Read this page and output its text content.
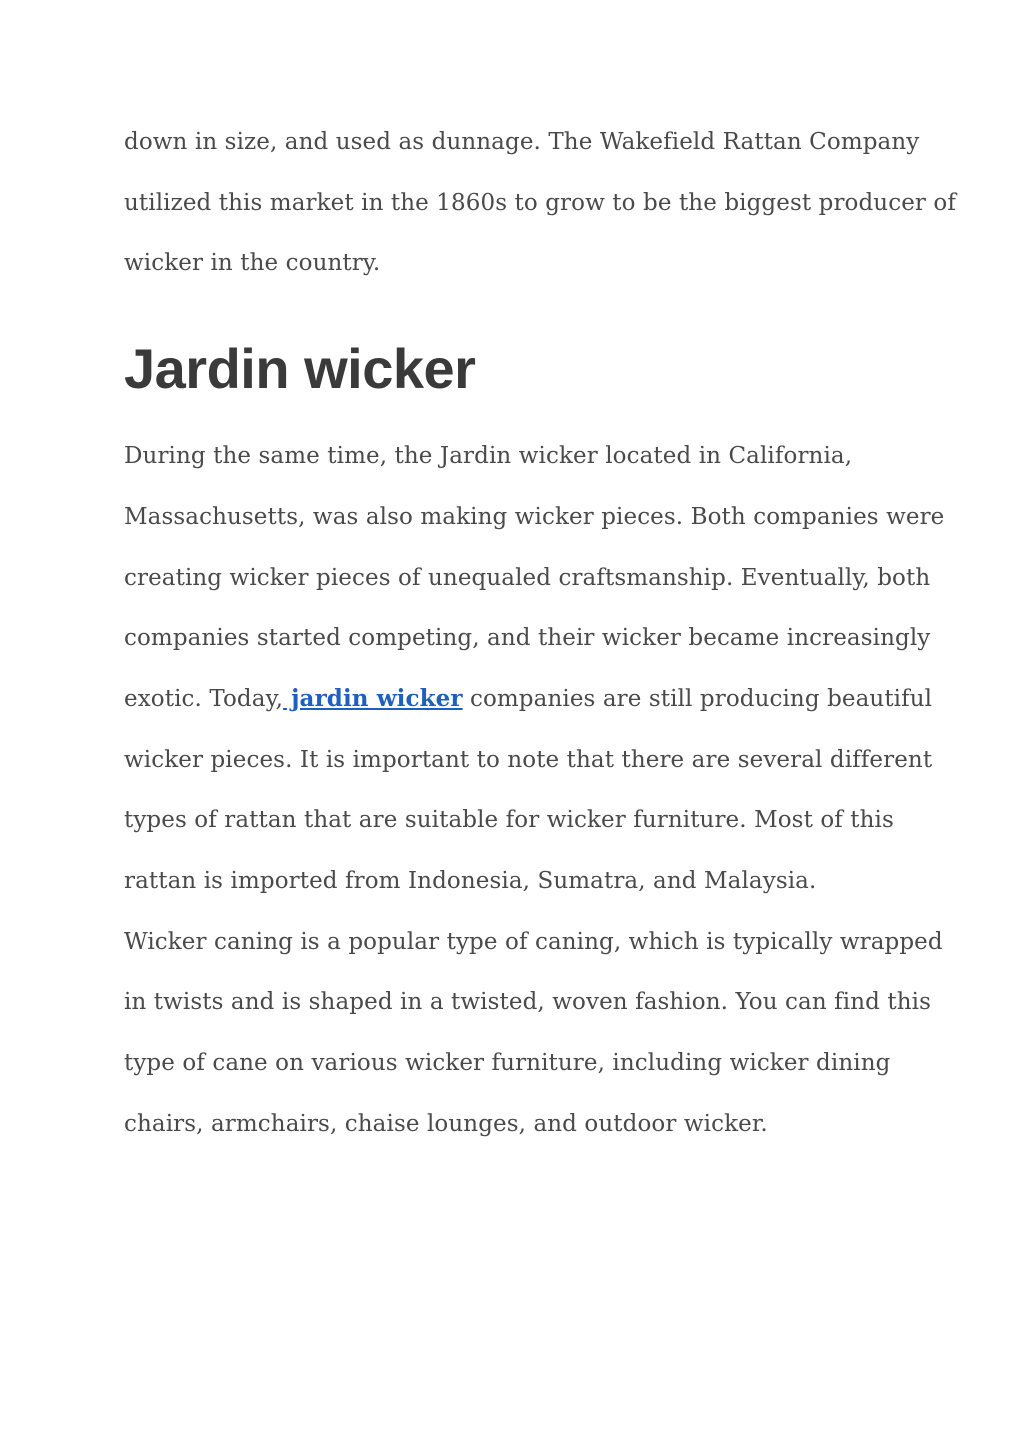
down in size, and used as dunnage. The Wakefield Rattan Company
utilized this market in the 1860s to grow to be the biggest producer of
wicker in the country.
Jardin wicker
During the same time, the Jardin wicker located in California,
Massachusetts, was also making wicker pieces. Both companies were
creating wicker pieces of unequaled craftsmanship. Eventually, both
companies started competing, and their wicker became increasingly
exotic. Today, jardin wicker companies are still producing beautiful
wicker pieces. It is important to note that there are several different
types of rattan that are suitable for wicker furniture. Most of this
rattan is imported from Indonesia, Sumatra, and Malaysia.
Wicker caning is a popular type of caning, which is typically wrapped
in twists and is shaped in a twisted, woven fashion. You can find this
type of cane on various wicker furniture, including wicker dining
chairs, armchairs, chaise lounges, and outdoor wicker.
